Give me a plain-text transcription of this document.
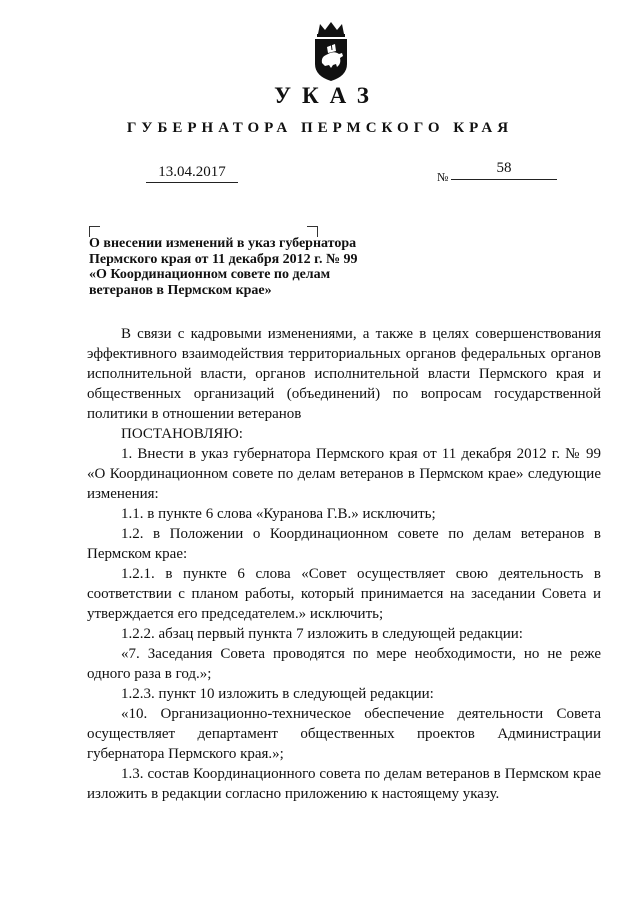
УКАЗ
ГУБЕРНАТОРА ПЕРМСКОГО КРАЯ
13.04.2017	№
58
О внесении изменений в указ губернатора
Пермского края от 11 декабря 2012 г. № 99
«О Координационном совете по делам
ветеранов в Пермском крае»

В связи с кадровыми изменениями, а также в целях совершенствования эффективного взаимодействия территориальных органов федеральных органов исполнительной власти, органов исполнительной власти Пермского края и общественных организаций (объединений) по вопросам государственной политики в отношении ветеранов

ПОСТАНОВЛЯЮ:

1. Внести в указ губернатора Пермского края от 11 декабря 2012 г. № 99 «О Координационном совете по делам ветеранов в Пермском крае» следующие изменения:

1.1. в пункте 6 слова «Куранова Г.В.» исключить;

1.2. в Положении о Координационном совете по делам ветеранов в Пермском крае:

1.2.1. в пункте 6 слова «Совет осуществляет свою деятельность в соответствии с планом работы, который принимается на заседании Совета и утверждается его председателем.» исключить;

1.2.2. абзац первый пункта 7 изложить в следующей редакции:

«7. Заседания Совета проводятся по мере необходимости, но не реже одного раза в год.»;

1.2.3. пункт 10 изложить в следующей редакции:

«10. Организационно-техническое обеспечение деятельности Совета осуществляет департамент общественных проектов Администрации губернатора Пермского края.»;

1.3. состав Координационного совета по делам ветеранов в Пермском крае изложить в редакции согласно приложению к настоящему указу.
